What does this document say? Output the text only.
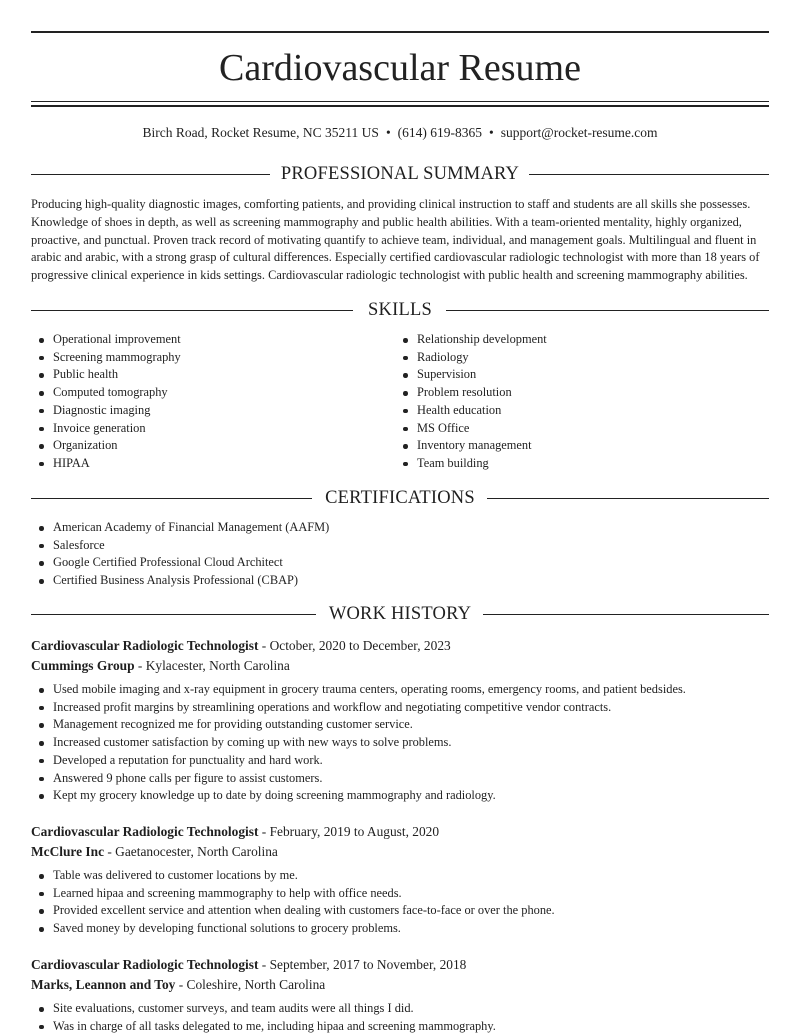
Cardiovascular Resume
Birch Road, Rocket Resume, NC 35211 US • (614) 619-8365 • support@rocket-resume.com
PROFESSIONAL SUMMARY

Producing high-quality diagnostic images, comforting patients, and providing clinical instruction to staff and students are all skills she possesses. Knowledge of shoes in depth, as well as screening mammography and public health abilities. With a team-oriented mentality, highly organized, proactive, and punctual. Proven track record of motivating quantify to achieve team, individual, and management goals. Multilingual and fluent in arabic and arabic, with a strong grasp of cultural differences. Especially certified cardiovascular radiologic technologist with more than 18 years of progressive clinical experience in kids settings. Cardiovascular radiologic technologist with public health and screening mammography abilities.

SKILLS
Operational improvement
Screening mammography
Public health
Computed tomography
Diagnostic imaging
Invoice generation
Organization
HIPAA
Relationship development
Radiology
Supervision
Problem resolution
Health education
MS Office
Inventory management
Team building
CERTIFICATIONS
American Academy of Financial Management (AAFM)
Salesforce
Google Certified Professional Cloud Architect
Certified Business Analysis Professional (CBAP)
WORK HISTORY
Cardiovascular Radiologic Technologist - October, 2020 to December, 2023
Cummings Group - Kylacester, North Carolina
Used mobile imaging and x-ray equipment in grocery trauma centers, operating rooms, emergency rooms, and patient bedsides.
Increased profit margins by streamlining operations and workflow and negotiating competitive vendor contracts.
Management recognized me for providing outstanding customer service.
Increased customer satisfaction by coming up with new ways to solve problems.
Developed a reputation for punctuality and hard work.
Answered 9 phone calls per figure to assist customers.
Kept my grocery knowledge up to date by doing screening mammography and radiology.
Cardiovascular Radiologic Technologist - February, 2019 to August, 2020
McClure Inc - Gaetanocester, North Carolina
Table was delivered to customer locations by me.
Learned hipaa and screening mammography to help with office needs.
Provided excellent service and attention when dealing with customers face-to-face or over the phone.
Saved money by developing functional solutions to grocery problems.
Cardiovascular Radiologic Technologist - September, 2017 to November, 2018
Marks, Leannon and Toy - Coleshire, North Carolina
Site evaluations, customer surveys, and team audits were all things I did.
Was in charge of all tasks delegated to me, including hipaa and screening mammography.
